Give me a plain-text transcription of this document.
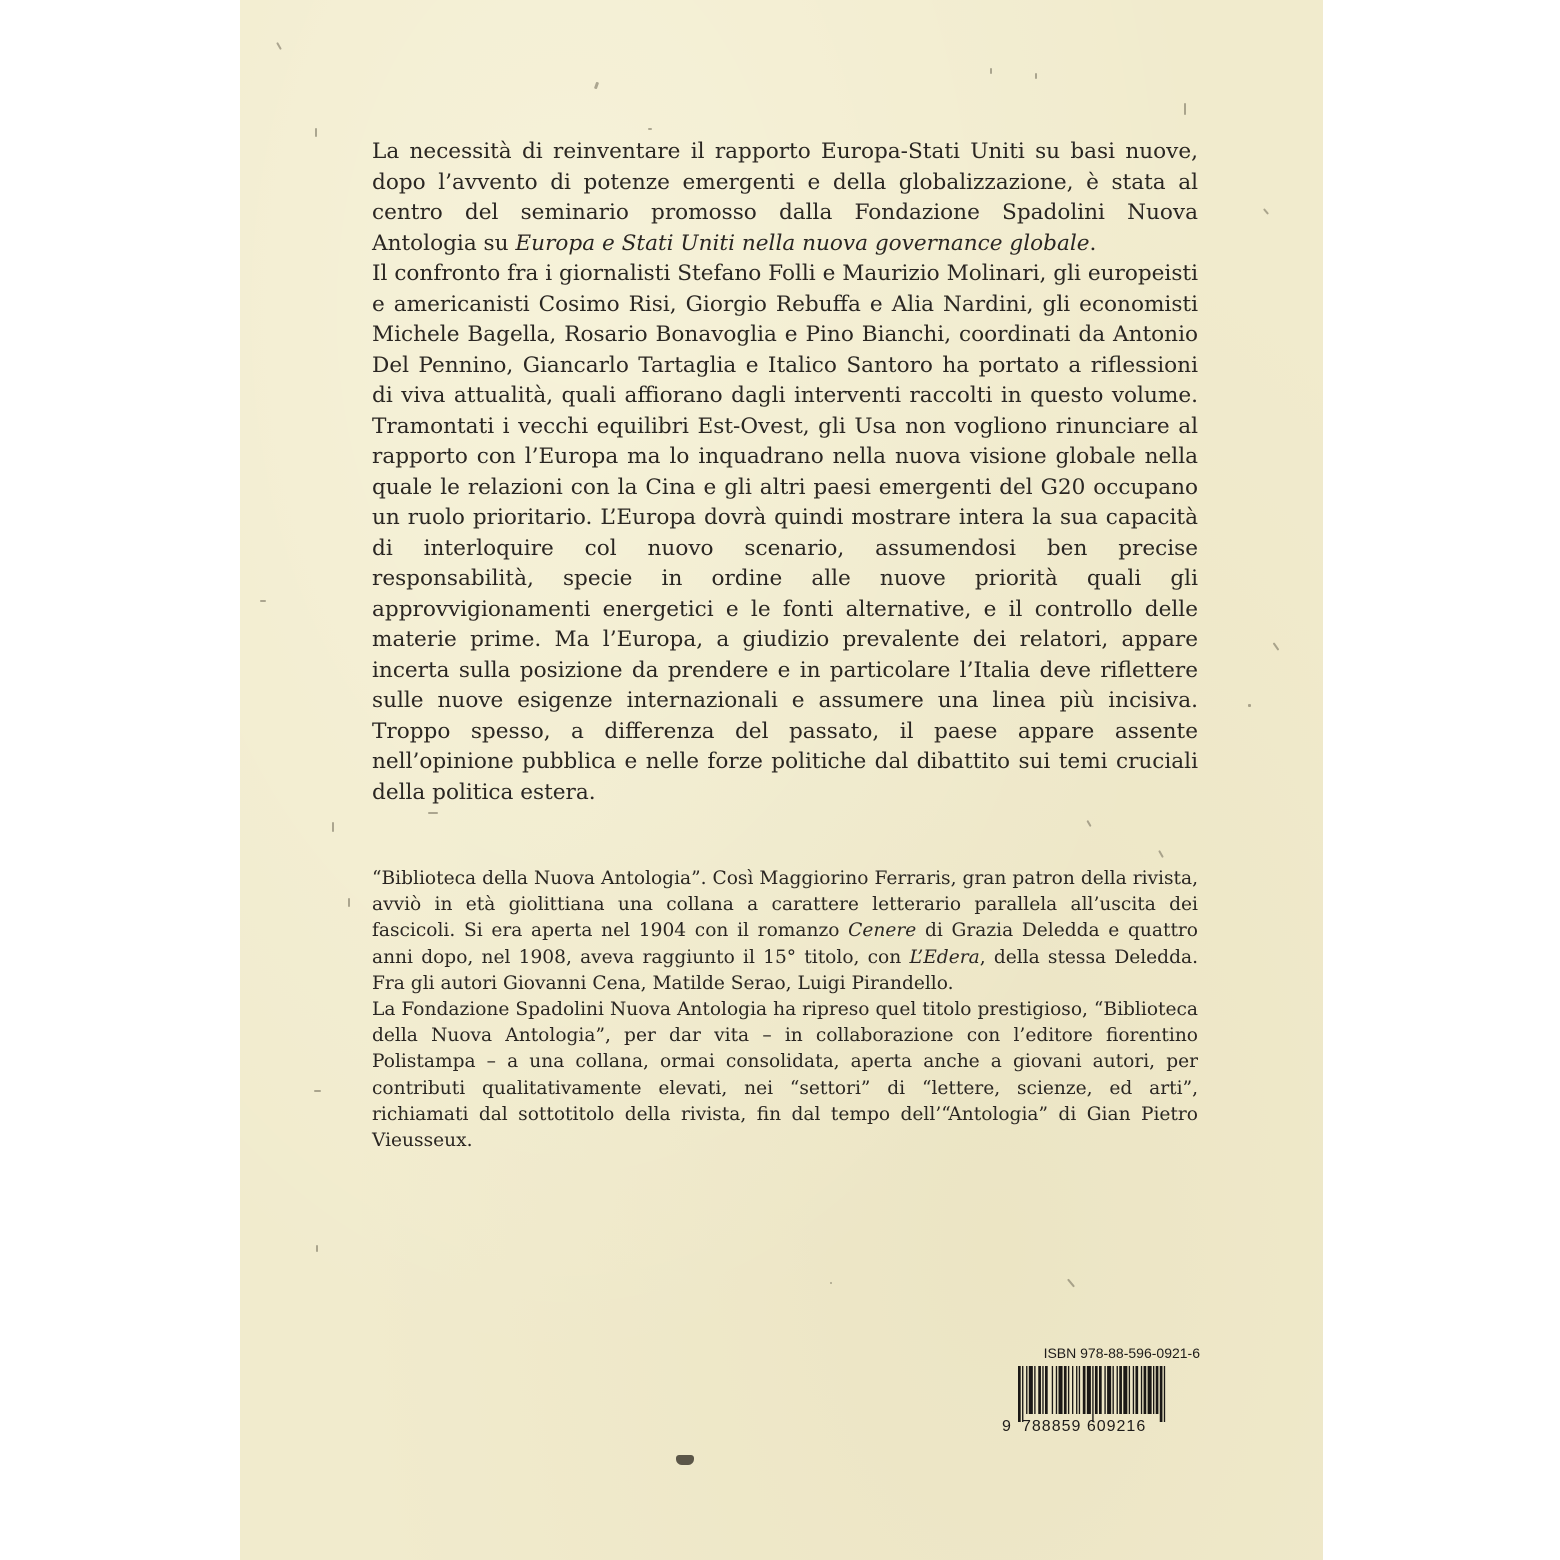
La necessità di reinventare il rapporto Europa-Stati Uniti su basi nuove, dopo l’avvento di potenze emergenti e della globalizzazione, è stata al centro del seminario promosso dalla Fondazione Spadolini Nuova Antologia su Europa e Stati Uniti nella nuova governance globale.

Il confronto fra i giornalisti Stefano Folli e Maurizio Molinari, gli europeisti e americanisti Cosimo Risi, Giorgio Rebuffa e Alia Nardini, gli economisti Michele Bagella, Rosario Bonavoglia e Pino Bianchi, coordinati da Antonio Del Pennino, Giancarlo Tartaglia e Italico Santoro ha portato a riflessioni di viva attualità, quali affiorano dagli interventi raccolti in questo volume. Tramontati i vecchi equilibri Est-Ovest, gli Usa non vogliono rinunciare al rapporto con l’Europa ma lo inquadrano nella nuova visione globale nella quale le relazioni con la Cina e gli altri paesi emergenti del G20 occupano un ruolo prioritario. L’Europa dovrà quindi mostrare intera la sua capacità di interloquire col nuovo scenario, assumendosi ben precise responsabilità, specie in ordine alle nuove priorità quali gli approvvigionamenti energetici e le fonti alternative, e il controllo delle materie prime. Ma l’Europa, a giudizio prevalente dei relatori, appare incerta sulla posizione da prendere e in particolare l’Italia deve riflettere sulle nuove esigenze internazionali e assumere una linea più incisiva. Troppo spesso, a differenza del passato, il paese appare assente nell’opinione pubblica e nelle forze politiche dal dibattito sui temi cruciali della politica estera.

“Biblioteca della Nuova Antologia”. Così Maggiorino Ferraris, gran patron della rivista, avviò in età giolittiana una collana a carattere letterario parallela all’uscita dei fascicoli. Si era aperta nel 1904 con il romanzo Cenere di Grazia Deledda e quattro anni dopo, nel 1908, aveva raggiunto il 15° titolo, con L’Edera, della stessa Deledda. Fra gli autori Giovanni Cena, Matilde Serao, Luigi Pirandello.

La Fondazione Spadolini Nuova Antologia ha ripreso quel titolo prestigioso, “Biblioteca della Nuova Antologia”, per dar vita – in collaborazione con l’editore fiorentino Polistampa – a una collana, ormai consolidata, aperta anche a giovani autori, per contributi qualitativamente elevati, nei “settori” di “lettere, scienze, ed arti”, richiamati dal sottotitolo della rivista, fin dal tempo dell’“Antologia” di Gian Pietro Vieusseux.

ISBN 978-88-596-0921-6
9 788859 609216
